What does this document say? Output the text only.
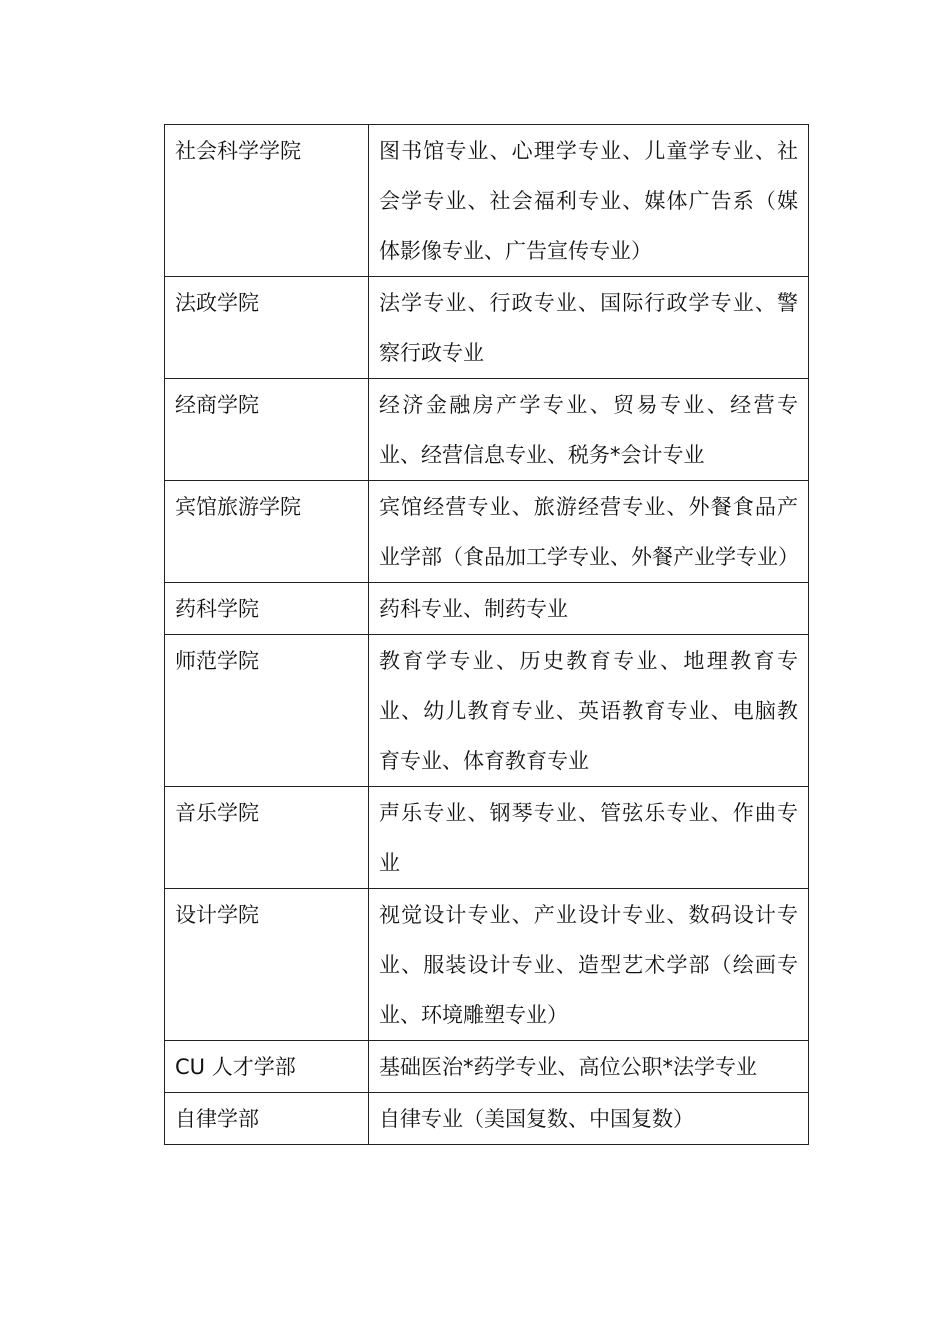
社会科学学院	图书馆专业、心理学专业、儿童学专业、社会学专业、社会福利专业、媒体广告系（媒体影像专业、广告宣传专业）
法政学院	法学专业、行政专业、国际行政学专业、警察行政专业
经商学院	经济金融房产学专业、贸易专业、经营专业、经营信息专业、税务*会计专业
宾馆旅游学院	宾馆经营专业、旅游经营专业、外餐食品产业学部（食品加工学专业、外餐产业学专业）
药科学院	药科专业、制药专业
师范学院	教育学专业、历史教育专业、地理教育专业、幼儿教育专业、英语教育专业、电脑教育专业、体育教育专业
音乐学院	声乐专业、钢琴专业、管弦乐专业、作曲专业
设计学院	视觉设计专业、产业设计专业、数码设计专业、服装设计专业、造型艺术学部（绘画专业、环境雕塑专业）
CU 人才学部	基础医治*药学专业、高位公职*法学专业
自律学部	自律专业（美国复数、中国复数）
